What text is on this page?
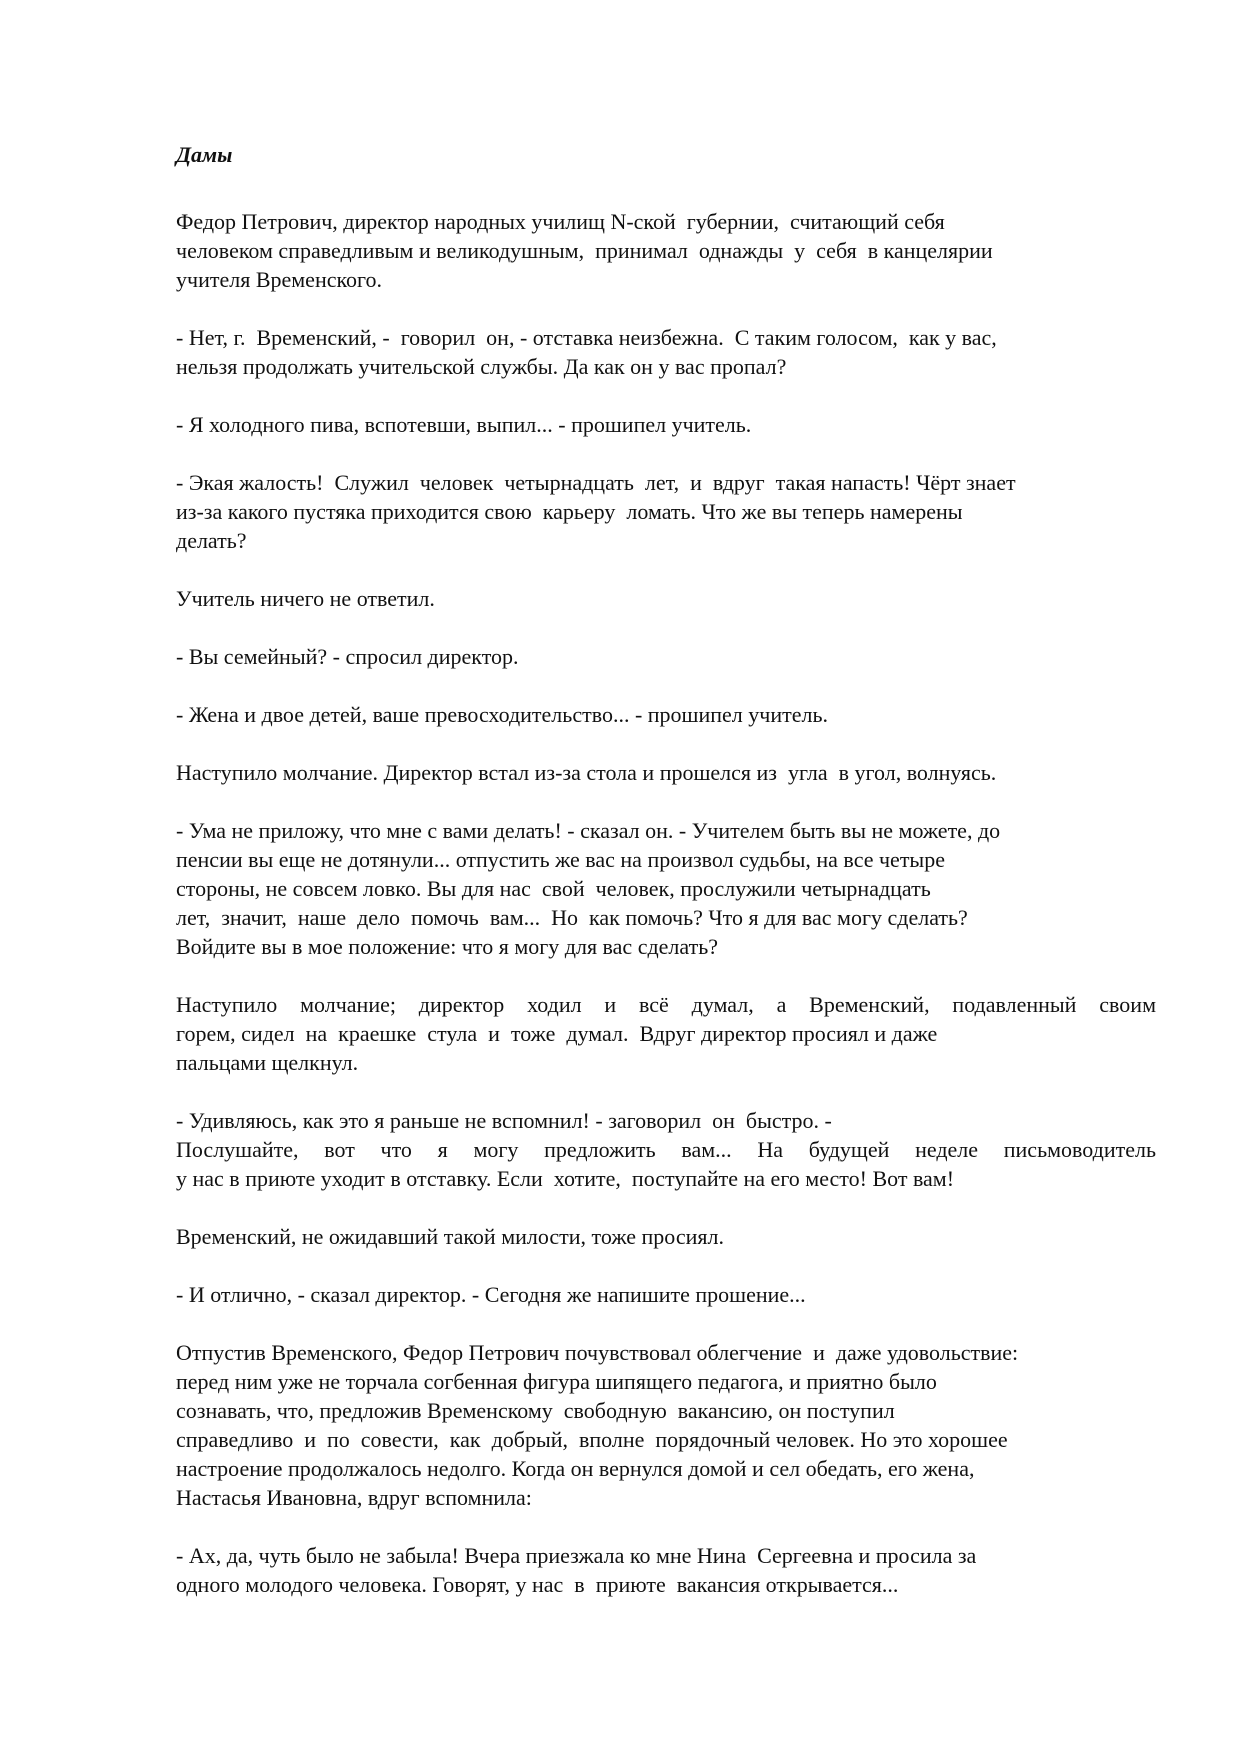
Дамы
Федор Петрович, директор народных училищ N-ской  губернии,  считающий себя
человеком справедливым и великодушным,  принимал  однажды  у  себя  в канцелярии
учителя Временского.
- Нет, г.  Временский, -  говорил  он, - отставка неизбежна.  С таким голосом,  как у вас,
нельзя продолжать учительской службы. Да как он у вас пропал?
- Я холодного пива, вспотевши, выпил... - прошипел учитель.
- Экая жалость!  Служил  человек  четырнадцать  лет,  и  вдруг  такая напасть! Чёрт знает
из-за какого пустяка приходится свою  карьеру  ломать. Что же вы теперь намерены
делать?
Учитель ничего не ответил.
- Вы семейный? - спросил директор.
- Жена и двое детей, ваше превосходительство... - прошипел учитель.
Наступило молчание. Директор встал из-за стола и прошелся из  угла  в угол, волнуясь.
- Ума не приложу, что мне с вами делать! - сказал он. - Учителем быть вы не можете, до
пенсии вы еще не дотянули... отпустить же вас на произвол судьбы, на все четыре
стороны, не совсем ловко. Вы для нас  свой  человек, прослужили четырнадцать
лет,  значит,  наше  дело  помочь  вам...  Но  как помочь? Что я для вас могу сделать?
Войдите вы в мое положение: что я могу для вас сделать?
Наступило молчание; директор ходил и всё думал, а Временский, подавленный своим
горем, сидел  на  краешке  стула  и  тоже  думал.  Вдруг директор просиял и даже
пальцами щелкнул.
- Удивляюсь, как это я раньше не вспомнил! - заговорил  он  быстро. -
Послушайте, вот что я могу предложить вам... На будущей неделе письмоводитель
у нас в приюте уходит в отставку. Если  хотите,  поступайте на его место! Вот вам!
Временский, не ожидавший такой милости, тоже просиял.
- И отлично, - сказал директор. - Сегодня же напишите прошение...
Отпустив Временского, Федор Петрович почувствовал облегчение  и  даже удовольствие:
перед ним уже не торчала согбенная фигура шипящего педагога, и приятно было
сознавать, что, предложив Временскому  свободную  вакансию, он поступил
справедливо  и  по  совести,  как  добрый,  вполне  порядочный человек. Но это хорошее
настроение продолжалось недолго. Когда он вернулся домой и сел обедать, его жена,
Настасья Ивановна, вдруг вспомнила:
- Ах, да, чуть было не забыла! Вчера приезжала ко мне Нина  Сергеевна и просила за
одного молодого человека. Говорят, у нас  в  приюте  вакансия открывается...
